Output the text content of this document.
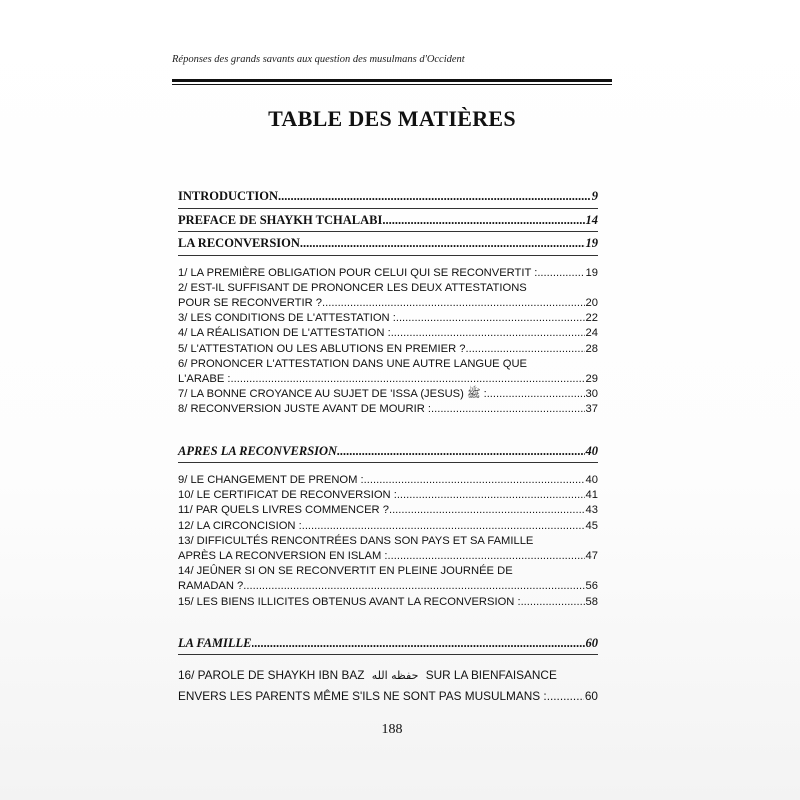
Réponses des grands savants aux question des musulmans d'Occident
TABLE DES MATIÈRES
INTRODUCTION .....	9
PREFACE DE SHAYKH TCHALABI .....	14
LA RECONVERSION .....	19
1/ LA PREMIÈRE OBLIGATION POUR CELUI QUI SE RECONVERTIT : .....	19
2/ EST-IL SUFFISANT DE PRONONCER LES DEUX ATTESTATIONS
POUR SE RECONVERTIR ? .....	20
3/ LES CONDITIONS DE L'ATTESTATION : .....	22
4/ LA RÉALISATION DE L'ATTESTATION : .....	24
5/ L'ATTESTATION OU LES ABLUTIONS EN PREMIER ? .....	28
6/ PRONONCER L'ATTESTATION DANS UNE AUTRE LANGUE QUE
L'ARABE : .....	29
7/ LA BONNE CROYANCE AU SUJET DE 'ISSA (JESUS) ﷺ : .....	30
8/ RECONVERSION JUSTE AVANT DE MOURIR : .....	37
APRES LA RECONVERSION .....	40
9/ LE CHANGEMENT DE PRENOM : .....	40
10/ LE CERTIFICAT DE RECONVERSION : .....	41
11/ PAR QUELS LIVRES COMMENCER ? .....	43
12/ LA CIRCONCISION : .....	45
13/ DIFFICULTÉS RENCONTRÉES DANS SON PAYS ET SA FAMILLE
APRÈS LA RECONVERSION EN ISLAM : .....	47
14/ JEÛNER SI ON SE RECONVERTIT EN PLEINE JOURNÉE DE
RAMADAN ? .....	56
15/ LES BIENS ILLICITES OBTENUS AVANT LA RECONVERSION : .....	58
LA FAMILLE .....	60
16/ PAROLE DE SHAYKH IBN BAZ حفظه الله SUR LA BIENFAISANCE
ENVERS LES PARENTS MÊME S'ILS NE SONT PAS MUSULMANS : .....	60
188
